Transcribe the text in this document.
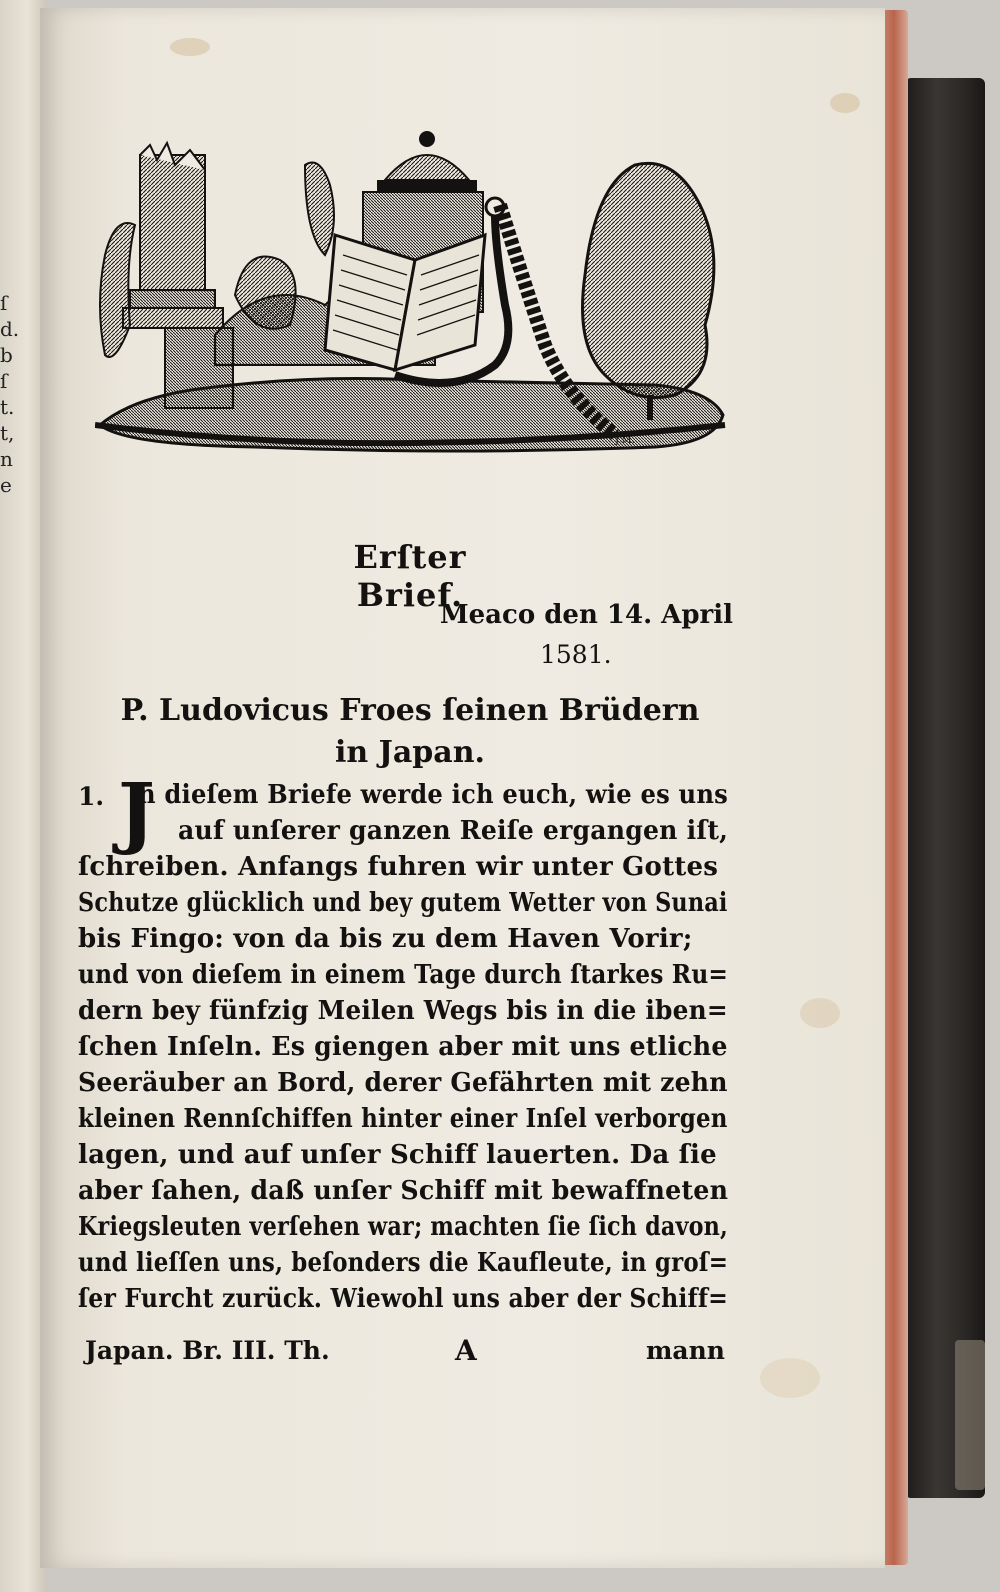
ſ
d.
b
ſ
t.
t,
n
e
J.M.
Erſter Brief.
Meaco den 14. April
1581.
P. Ludovicus Froes ſeinen Brüdern in Japan.
1. J
n dieſem Briefe werde ich euch, wie es uns
auf unſerer ganzen Reiſe ergangen iſt,
ſchreiben. Anfangs fuhren wir unter Gottes
Schutze glücklich und bey gutem Wetter von Sunai
bis Fingo: von da bis zu dem Haven Vorir;
und von dieſem in einem Tage durch ſtarkes Ru=
dern bey fünfzig Meilen Wegs bis in die iben=
ſchen Inſeln. Es giengen aber mit uns etliche
Seeräuber an Bord, derer Gefährten mit zehn
kleinen Rennſchiffen hinter einer Inſel verborgen
lagen, und auf unſer Schiff lauerten. Da ſie
aber ſahen, daß unſer Schiff mit bewaffneten
Kriegsleuten verſehen war; machten ſie ſich davon,
und lieſſen uns, beſonders die Kaufleute, in groſ=
ſer Furcht zurück. Wiewohl uns aber der Schiff=
Japan. Br. III. Th.	A	mann
